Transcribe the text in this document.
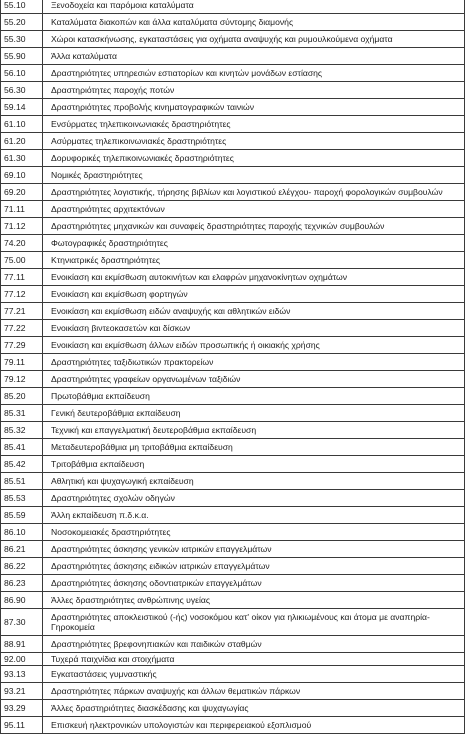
55.10	Ξενοδοχεία και παρόμοια καταλύματα
55.20	Καταλύματα διακοπών και άλλα καταλύματα σύντομης διαμονής
55.30	Χώροι κατασκήνωσης, εγκαταστάσεις για οχήματα αναψυχής και ρυμουλκούμενα οχήματα
55.90	Άλλα καταλύματα
56.10	Δραστηριότητες υπηρεσιών εστιατορίων και κινητών μονάδων εστίασης
56.30	Δραστηριότητες παροχής ποτών
59.14	Δραστηριότητες προβολής κινηματογραφικών ταινιών
61.10	Ενσύρματες τηλεπικοινωνιακές δραστηριότητες
61.20	Ασύρματες τηλεπικοινωνιακές δραστηριότητες
61.30	Δορυφορικές τηλεπικοινωνιακές δραστηριότητες
69.10	Νομικές δραστηριότητες
69.20	Δραστηριότητες λογιστικής, τήρησης βιβλίων και λογιστικού ελέγχου- παροχή φορολογικών συμβουλών
71.11	Δραστηριότητες αρχιτεκτόνων
71.12	Δραστηριότητες μηχανικών και συναφείς δραστηριότητες παροχής τεχνικών συμβουλών
74.20	Φωτογραφικές δραστηριότητες
75.00	Κτηνιατρικές δραστηριότητες
77.11	Ενοικίαση και εκμίσθωση αυτοκινήτων και ελαφρών μηχανοκίνητων οχημάτων
77.12	Ενοικίαση και εκμίσθωση φορτηγών
77.21	Ενοικίαση και εκμίσθωση ειδών αναψυχής και αθλητικών ειδών
77.22	Ενοικίαση βιντεοκασετών και δίσκων
77.29	Ενοικίαση και εκμίσθωση άλλων ειδών προσωπικής ή οικιακής χρήσης
79.11	Δραστηριότητες ταξιδιωτικών πρακτορείων
79.12	Δραστηριότητες γραφείων οργανωμένων ταξιδιών
85.20	Πρωτοβάθμια εκπαίδευση
85.31	Γενική δευτεροβάθμια εκπαίδευση
85.32	Τεχνική και επαγγελματική δευτεροβάθμια εκπαίδευση
85.41	Μεταδευτεροβάθμια μη τριτοβάθμια εκπαίδευση
85.42	Τριτοβάθμια εκπαίδευση
85.51	Αθλητική και ψυχαγωγική εκπαίδευση
85.53	Δραστηριότητες σχολών οδηγών
85.59	Άλλη εκπαίδευση π.δ.κ.α.
86.10	Νοσοκομειακές δραστηριότητες
86.21	Δραστηριότητες άσκησης γενικών ιατρικών επαγγελμάτων
86.22	Δραστηριότητες άσκησης ειδικών ιατρικών επαγγελμάτων
86.23	Δραστηριότητες άσκησης οδοντιατρικών επαγγελμάτων
86.90	Άλλες δραστηριότητες ανθρώπινης υγείας
87.30	Δραστηριότητες αποκλειστικού (-ής) νοσοκόμου κατ' οίκον για ηλικιωμένους και άτομα με αναπηρία- Γηροκομεία
88.91	Δραστηριότητες βρεφονηπιακών και παιδικών σταθμών
92.00	Τυχερά παιχνίδια και στοιχήματα
93.13	Εγκαταστάσεις γυμναστικής
93.21	Δραστηριότητες πάρκων αναψυχής και άλλων θεματικών πάρκων
93.29	Άλλες δραστηριότητες διασκέδασης και ψυχαγωγίας
95.11	Επισκευή ηλεκτρονικών υπολογιστών και περιφερειακού εξοπλισμού
